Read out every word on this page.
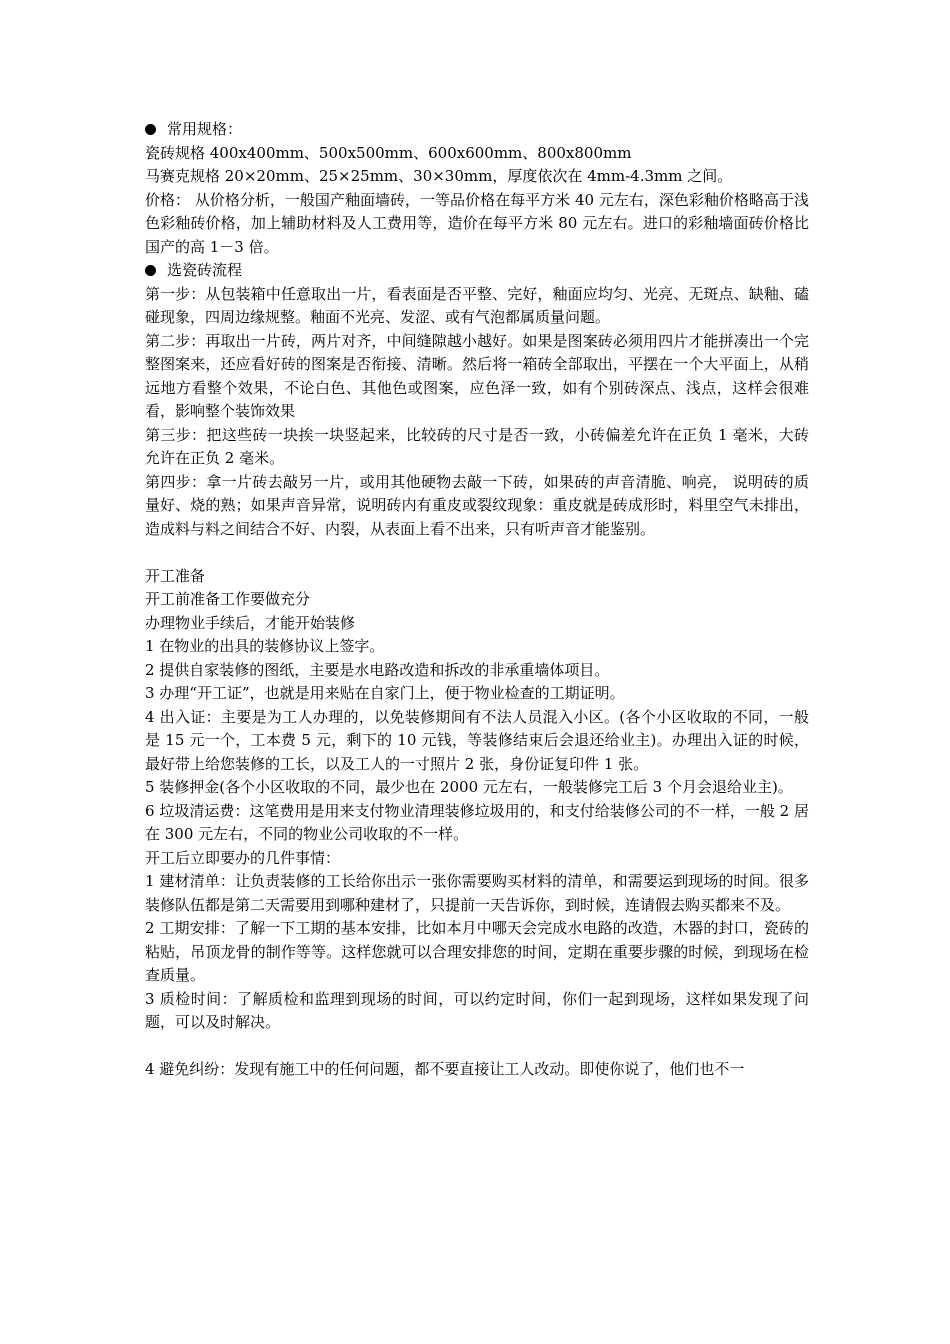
常用规格：

瓷砖规格 400x400mm、500x500mm、600x600mm、800x800mm

马赛克规格 20×20mm、25×25mm、30×30mm，厚度依次在 4mm-4.3mm 之间。

价格： 从价格分析，一般国产釉面墙砖，一等品价格在每平方米 40 元左右，深色彩釉价格略高于浅色彩釉砖价格，加上辅助材料及人工费用等，造价在每平方米 80 元左右。进口的彩釉墙面砖价格比国产的高 1－3 倍。

选瓷砖流程

第一步：从包装箱中任意取出一片，看表面是否平整、完好，釉面应均匀、光亮、无斑点、缺釉、磕碰现象，四周边缘规整。釉面不光亮、发涩、或有气泡都属质量问题。

第二步：再取出一片砖，两片对齐，中间缝隙越小越好。如果是图案砖必须用四片才能拼凑出一个完整图案来，还应看好砖的图案是否衔接、清晰。然后将一箱砖全部取出，平摆在一个大平面上，从稍远地方看整个效果，不论白色、其他色或图案，应色泽一致，如有个别砖深点、浅点，这样会很难看，影响整个装饰效果

第三步：把这些砖一块挨一块竖起来，比较砖的尺寸是否一致，小砖偏差允许在正负 1 毫米，大砖允许在正负 2 毫米。

第四步：拿一片砖去敲另一片，或用其他硬物去敲一下砖，如果砖的声音清脆、响亮， 说明砖的质量好、烧的熟；如果声音异常，说明砖内有重皮或裂纹现象：重皮就是砖成形时，料里空气未排出，造成料与料之间结合不好、内裂，从表面上看不出来，只有听声音才能鉴别。

开工准备

开工前准备工作要做充分

办理物业手续后，才能开始装修

1 在物业的出具的装修协议上签字。

2 提供自家装修的图纸，主要是水电路改造和拆改的非承重墙体项目。

3 办理“开工证”，也就是用来贴在自家门上，便于物业检查的工期证明。

4 出入证：主要是为工人办理的，以免装修期间有不法人员混入小区。(各个小区收取的不同，一般是 15 元一个，工本费 5 元，剩下的 10 元钱，等装修结束后会退还给业主)。办理出入证的时候，最好带上给您装修的工长，以及工人的一寸照片 2 张，身份证复印件 1 张。

5 装修押金(各个小区收取的不同，最少也在 2000 元左右，一般装修完工后 3 个月会退给业主)。

6 垃圾清运费：这笔费用是用来支付物业清理装修垃圾用的，和支付给装修公司的不一样，一般 2 居在 300 元左右，不同的物业公司收取的不一样。

开工后立即要办的几件事情：

1 建材清单：让负责装修的工长给你出示一张你需要购买材料的清单，和需要运到现场的时间。很多装修队伍都是第二天需要用到哪种建材了，只提前一天告诉你，到时候，连请假去购买都来不及。

2 工期安排：了解一下工期的基本安排，比如本月中哪天会完成水电路的改造，木器的封口，瓷砖的粘贴，吊顶龙骨的制作等等。这样您就可以合理安排您的时间，定期在重要步骤的时候，到现场在检查质量。

3 质检时间：了解质检和监理到现场的时间，可以约定时间，你们一起到现场，这样如果发现了问题，可以及时解决。

4 避免纠纷：发现有施工中的任何问题，都不要直接让工人改动。即使你说了，他们也不一
